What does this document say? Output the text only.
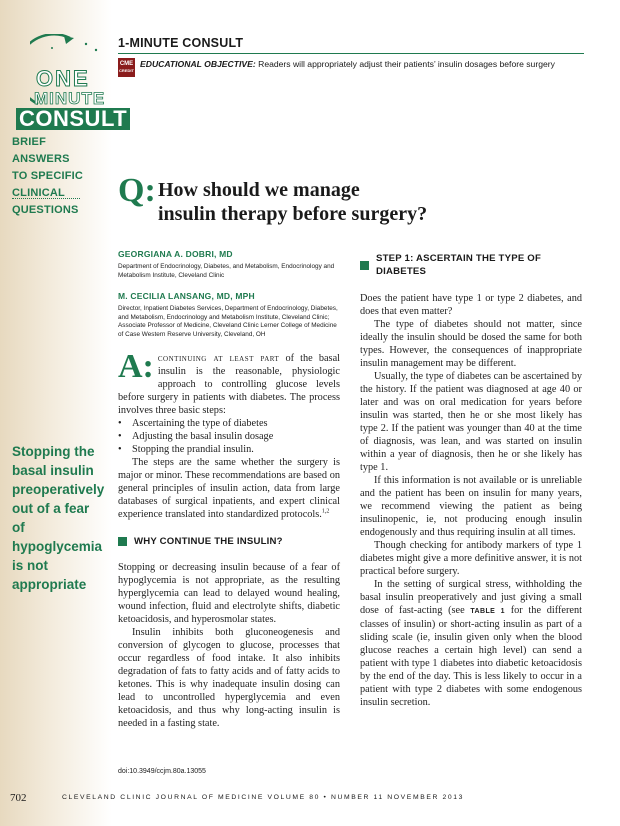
ONE
MINUTE
CONSULT
BRIEF ANSWERS
TO SPECIFIC
CLINICAL
QUESTIONS
Stopping the
basal insulin
preoperatively
out of a fear
of hypoglycemia
is not
appropriate
1-MINUTE CONSULT
CME
CREDIT
EDUCATIONAL OBJECTIVE: Readers will appropriately adjust their patients’ insulin dosages before surgery
Q: How should we manage
insulin therapy before surgery?
GEORGIANA A. DOBRI, MD
Department of Endocrinology, Diabetes, and Metabolism, Endocrinology and Metabolism Institute, Cleveland Clinic
M. CECILIA LANSANG, MD, MPH
Director, Inpatient Diabetes Services, Department of Endocrinology, Diabetes, and Metabolism, Endocrinology and Metabolism Institute, Cleveland Clinic; Associate Professor of Medicine, Cleveland Clinic Lerner College of Medicine of Case Western Reserve University, Cleveland, OH
A: continuing at least part of the basal insulin is the reasonable, physiologic approach to controlling glucose levels before surgery in patients with diabetes. The process involves three basic steps:

• Ascertaining the type of diabetes
• Adjusting the basal insulin dosage
• Stopping the prandial insulin.

The steps are the same whether the surgery is major or minor. These recommendations are based on general principles of insulin action, data from large databases of surgical inpatients, and expert clinical experience translated into standardized protocols.$^{1,2}$

WHY CONTINUE THE INSULIN?

Stopping or decreasing insulin because of a fear of hypoglycemia is not appropriate, as the resulting hyperglycemia can lead to delayed wound healing, wound infection, fluid and electrolyte shifts, diabetic ketoacidosis, and hyperosmolar states.

Insulin inhibits both gluconeogenesis and conversion of glycogen to glucose, processes that occur regardless of food intake. It also inhibits degradation of fats to fatty acids and of fatty acids to ketones. This is why inadequate insulin dosing can lead to uncontrolled hyperglycemia and even ketoacidosis, and thus why long-acting insulin is needed in a fasting state.

STEP 1: ASCERTAIN THE TYPE OF DIABETES

Does the patient have type 1 or type 2 diabetes, and does that even matter?

The type of diabetes should not matter, since ideally the insulin should be dosed the same for both types. However, the consequences of inappropriate insulin management may be different.

Usually, the type of diabetes can be ascertained by the history. If the patient was diagnosed at age 40 or later and was on oral medication for years before insulin was started, then he or she most likely has type 2. If the patient was younger than 40 at the time of diagnosis, was lean, and was started on insulin within a year of diagnosis, then he or she likely has type 1.

If this information is not available or is unreliable and the patient has been on insulin for many years, we recommend viewing the patient as being insulinopenic, ie, not producing enough insulin endogenously and thus requiring insulin at all times.

Though checking for antibody markers of type 1 diabetes might give a more definitive answer, it is not practical before surgery.

In the setting of surgical stress, withholding the basal insulin preoperatively and just giving a small dose of fast-acting (see TABLE 1 for the different classes of insulin) or short-acting insulin as part of a sliding scale (ie, insulin given only when the blood glucose reaches a certain high level) can send a patient with type 1 diabetes into diabetic ketoacidosis by the end of the day. This is less likely to occur in a patient with type 2 diabetes with some endogenous insulin secretion.

doi:10.3949/ccjm.80a.13055
702	CLEVELAND CLINIC JOURNAL OF MEDICINE VOLUME 80 • NUMBER 11 NOVEMBER 2013
